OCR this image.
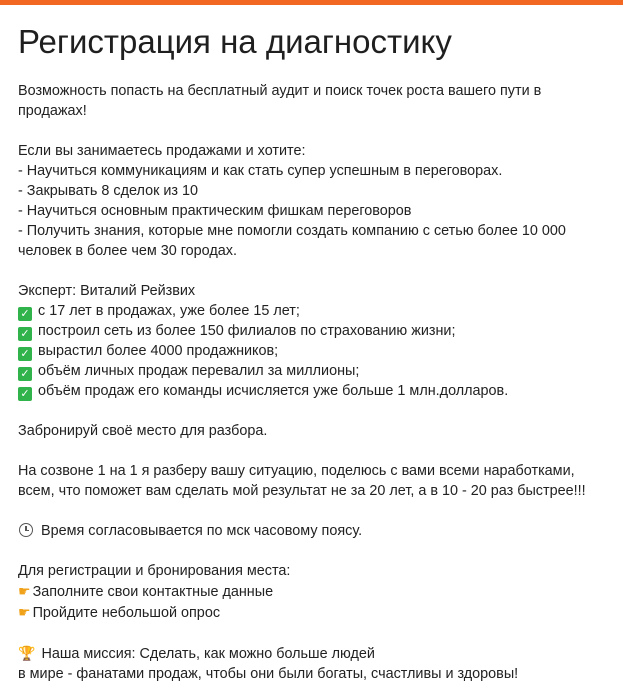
Регистрация на диагностику
Возможность попасть на бесплатный аудит и поиск точек роста вашего пути в продажах!
Если вы занимаетесь продажами и хотите:
- Научиться коммуникациям и как стать супер успешным в переговорах.
- Закрывать 8 сделок из 10
- Научиться основным практическим фишкам переговоров
- Получить знания, которые мне помогли создать компанию с сетью более 10 000 человек в более чем 30 городах.
Эксперт: Виталий Рейзвих
✓ с 17 лет в продажах, уже более 15 лет;
✓ построил сеть из более 150 филиалов по страхованию жизни;
✓ вырастил более 4000 продажников;
✓ объём личных продаж перевалил за миллионы;
✓ объём продаж его команды исчисляется уже больше 1 млн.долларов.
Забронируй своё место для разбора.
На созвоне 1 на 1 я разберу вашу ситуацию, поделюсь с вами всеми наработками, всем, что поможет вам сделать мой результат не за 20 лет, а в 10 - 20 раз быстрее!!!
Время согласовывается по мск часовому поясу.
Для регистрации и бронирования места:
☛ Заполните свои контактные данные
☛ Пройдите небольшой опрос
🏆 Наша миссия: Сделать, как можно больше людей
в мире - фанатами продаж, чтобы они были богаты, счастливы и здоровы!
